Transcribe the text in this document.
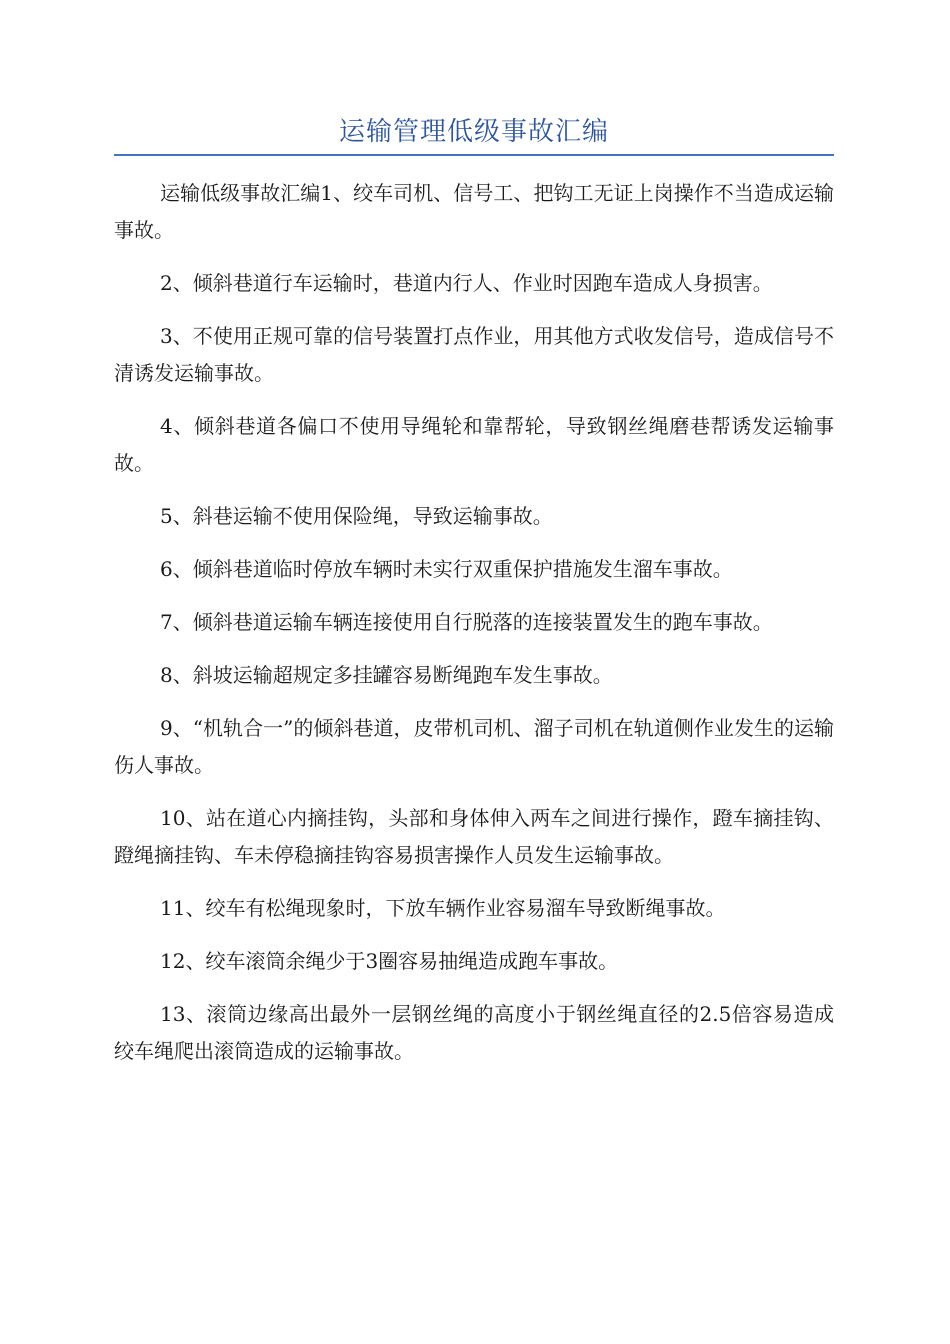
运输管理低级事故汇编

运输低级事故汇编1、绞车司机、信号工、把钩工无证上岗操作不当造成运输事故。

2、倾斜巷道行车运输时，巷道内行人、作业时因跑车造成人身损害。

3、不使用正规可靠的信号装置打点作业，用其他方式收发信号，造成信号不清诱发运输事故。

4、倾斜巷道各偏口不使用导绳轮和靠帮轮，导致钢丝绳磨巷帮诱发运输事故。

5、斜巷运输不使用保险绳，导致运输事故。

6、倾斜巷道临时停放车辆时未实行双重保护措施发生溜车事故。

7、倾斜巷道运输车辆连接使用自行脱落的连接装置发生的跑车事故。

8、斜坡运输超规定多挂罐容易断绳跑车发生事故。

9、“机轨合一”的倾斜巷道，皮带机司机、溜子司机在轨道侧作业发生的运输伤人事故。

10、站在道心内摘挂钩，头部和身体伸入两车之间进行操作，蹬车摘挂钩、蹬绳摘挂钩、车未停稳摘挂钩容易损害操作人员发生运输事故。

11、绞车有松绳现象时，下放车辆作业容易溜车导致断绳事故。

12、绞车滚筒余绳少于3圈容易抽绳造成跑车事故。

13、滚筒边缘高出最外一层钢丝绳的高度小于钢丝绳直径的2.5倍容易造成绞车绳爬出滚筒造成的运输事故。
